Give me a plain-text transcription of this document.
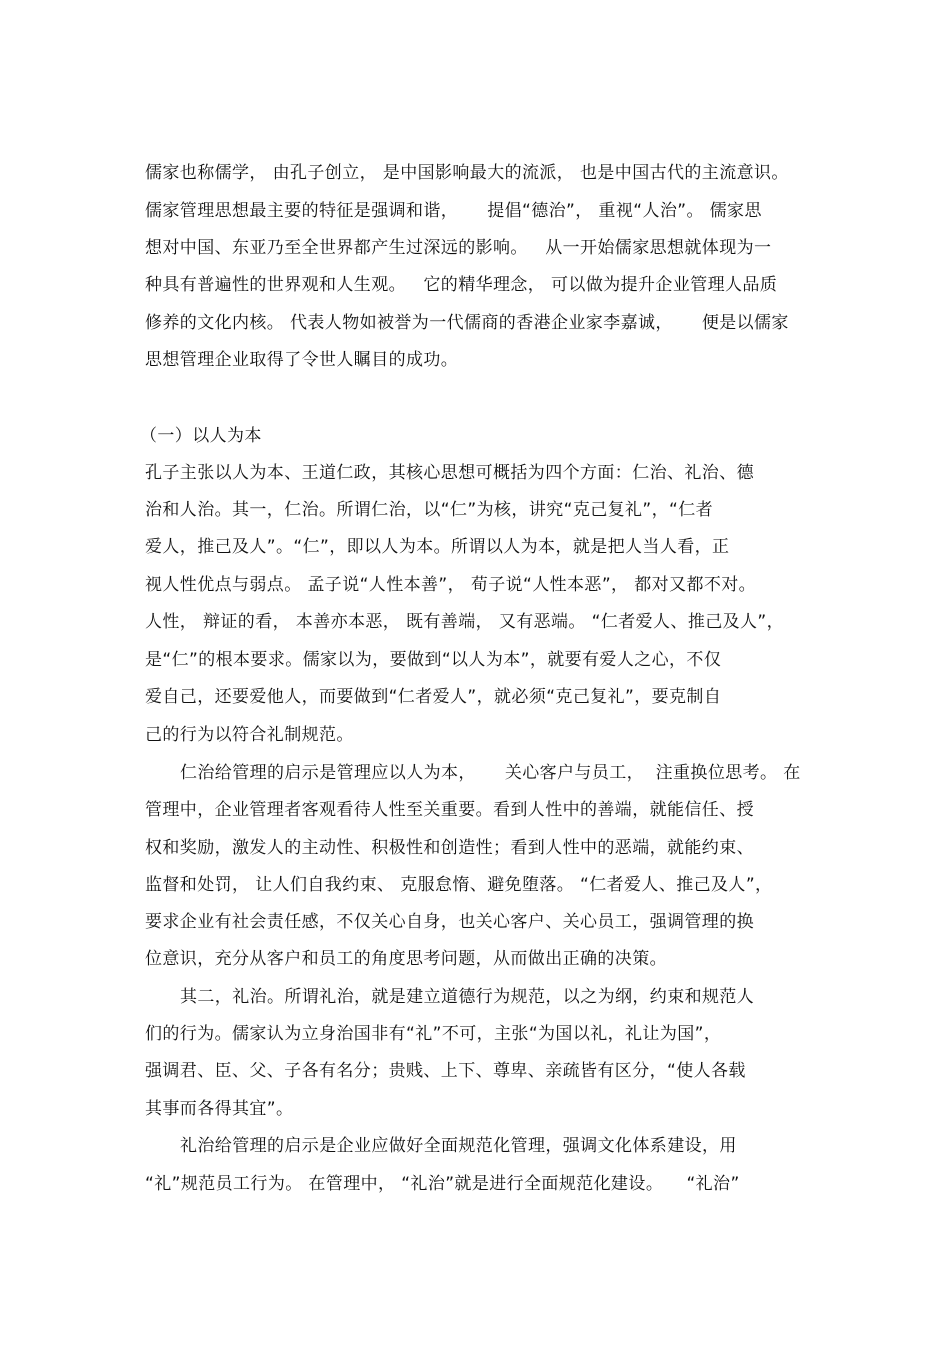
儒家也称儒学， 由孔子创立， 是中国影响最大的流派， 也是中国古代的主流意识。
儒家管理思想最主要的特征是强调和谐，     提倡“德治”， 重视“人治”。 儒家思
想对中国、东亚乃至全世界都产生过深远的影响。   从一开始儒家思想就体现为一
种具有普遍性的世界观和人生观。   它的精华理念， 可以做为提升企业管理人品质
修养的文化内核。 代表人物如被誉为一代儒商的香港企业家李嘉诚，     便是以儒家
思想管理企业取得了令世人瞩目的成功。
（一）以人为本
孔子主张以人为本、王道仁政，其核心思想可概括为四个方面：仁治、礼治、德
治和人治。其一，仁治。所谓仁治，以“仁”为核，讲究“克己复礼”，“仁者
爱人，推己及人”。“仁”，即以人为本。所谓以人为本，就是把人当人看，正
视人性优点与弱点。 孟子说“人性本善”， 荀子说“人性本恶”， 都对又都不对。
人性， 辩证的看， 本善亦本恶， 既有善端， 又有恶端。 “仁者爱人、推己及人”，
是“仁”的根本要求。儒家以为，要做到“以人为本”，就要有爱人之心，不仅
爱自己，还要爱他人，而要做到“仁者爱人”，就必须“克己复礼”，要克制自
己的行为以符合礼制规范。
仁治给管理的启示是管理应以人为本，     关心客户与员工，  注重换位思考。 在
管理中，企业管理者客观看待人性至关重要。看到人性中的善端，就能信任、授
权和奖励，激发人的主动性、积极性和创造性；看到人性中的恶端，就能约束、
监督和处罚， 让人们自我约束、 克服怠惰、避免堕落。 “仁者爱人、推己及人”，
要求企业有社会责任感，不仅关心自身，也关心客户、关心员工，强调管理的换
位意识，充分从客户和员工的角度思考问题，从而做出正确的决策。
其二，礼治。所谓礼治，就是建立道德行为规范，以之为纲，约束和规范人
们的行为。儒家认为立身治国非有“礼”不可，主张“为国以礼，礼让为国”，
强调君、臣、父、子各有名分；贵贱、上下、尊卑、亲疏皆有区分，“使人各载
其事而各得其宜”。
礼治给管理的启示是企业应做好全面规范化管理，强调文化体系建设，用
“礼”规范员工行为。 在管理中， “礼治”就是进行全面规范化建设。    “礼治”
